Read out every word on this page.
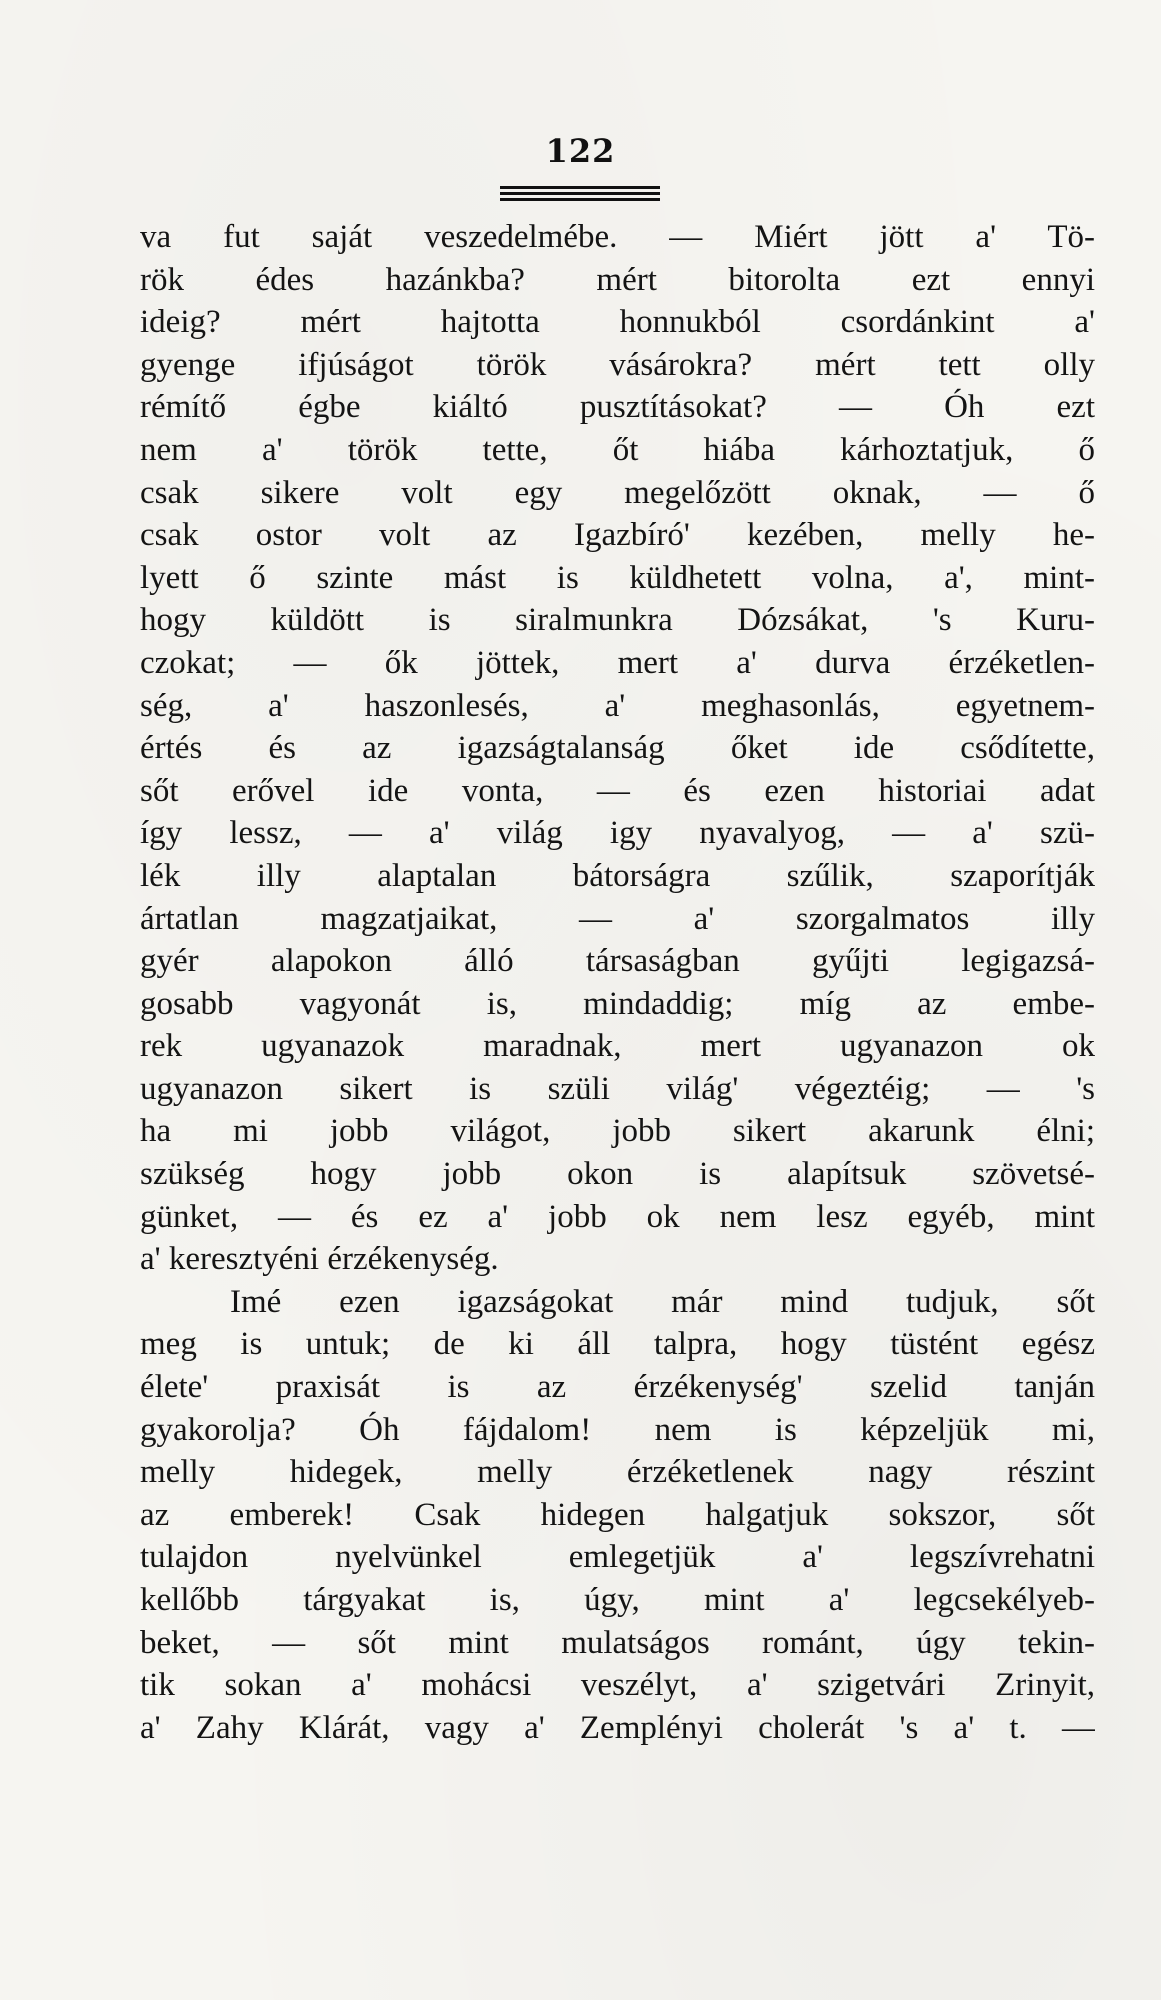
122
va fut saját veszedelmébe. — Miért jött a' Tö-
rök édes hazánkba? mért bitorolta ezt ennyi
ideig? mért hajtotta honnukból csordánkint a'
gyenge ifjúságot török vásárokra? mért tett olly
rémítő égbe kiáltó pusztításokat? — Óh ezt
nem a' török tette, őt hiába kárhoztatjuk, ő
csak sikere volt egy megelőzött oknak, — ő
csak ostor volt az Igazbíró' kezében, melly he-
lyett ő szinte mást is küldhetett volna, a', mint-
hogy küldött is siralmunkra Dózsákat, 's Kuru-
czokat; — ők jöttek, mert a' durva érzéketlen-
ség, a' haszonlesés, a' meghasonlás, egyetnem-
értés és az igazságtalanság őket ide csődítette,
sőt erővel ide vonta, — és ezen historiai adat
így lessz, — a' világ igy nyavalyog, — a' szü-
lék illy alaptalan bátorságra szűlik, szaporítják
ártatlan magzatjaikat, — a' szorgalmatos illy
gyér alapokon álló társaságban gyűjti legigazsá-
gosabb vagyonát is, mindaddig; míg az embe-
rek ugyanazok maradnak, mert ugyanazon ok
ugyanazon sikert is szüli világ' végeztéig; — 's
ha mi jobb világot, jobb sikert akarunk élni;
szükség hogy jobb okon is alapítsuk szövetsé-
günket, — és ez a' jobb ok nem lesz egyéb, mint
a' keresztyéni érzékenység.
Imé ezen igazságokat már mind tudjuk, sőt
meg is untuk; de ki áll talpra, hogy tüstént egész
élete' praxisát is az érzékenység' szelid tanján
gyakorolja? Óh fájdalom! nem is képzeljük mi,
melly hidegek, melly érzéketlenek nagy részint
az emberek! Csak hidegen halgatjuk sokszor, sőt
tulajdon nyelvünkel emlegetjük a' legszívrehatni
kellőbb tárgyakat is, úgy, mint a' legcsekélyeb-
beket, — sőt mint mulatságos románt, úgy tekin-
tik sokan a' mohácsi veszélyt, a' szigetvári Zrinyit,
a' Zahy Klárát, vagy a' Zemplényi cholerát 's a' t. —
